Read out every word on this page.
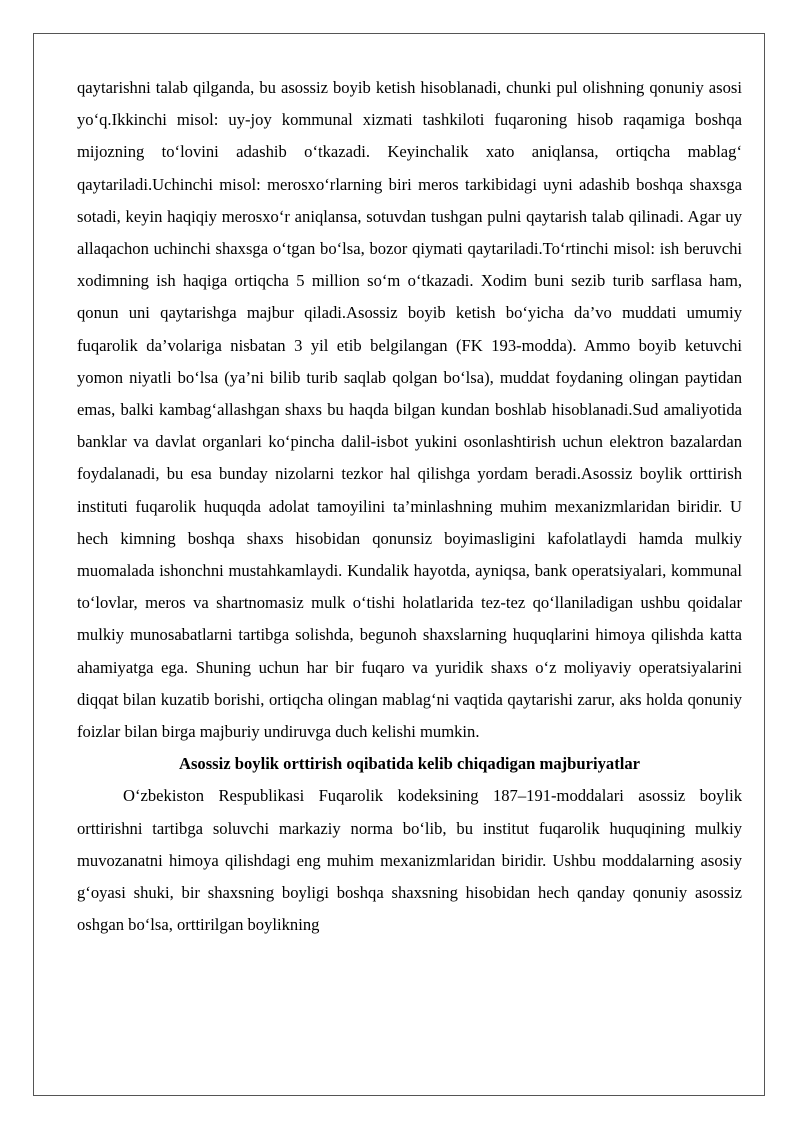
qaytarishni talab qilganda, bu asossiz boyib ketish hisoblanadi, chunki pul olishning qonuniy asosi yo‘q.Ikkinchi misol: uy-joy kommunal xizmati tashkiloti fuqaroning hisob raqamiga boshqa mijozning to‘lovini adashib o‘tkazadi. Keyinchalik xato aniqlansa, ortiqcha mablag‘ qaytariladi.Uchinchi misol: merosxo‘rlarning biri meros tarkibidagi uyni adashib boshqa shaxsga sotadi, keyin haqiqiy merosxo‘r aniqlansa, sotuvdan tushgan pulni qaytarish talab qilinadi. Agar uy allaqachon uchinchi shaxsga o‘tgan bo‘lsa, bozor qiymati qaytariladi.To‘rtinchi misol: ish beruvchi xodimning ish haqiga ortiqcha 5 million so‘m o‘tkazadi. Xodim buni sezib turib sarflasa ham, qonun uni qaytarishga majbur qiladi.Asossiz boyib ketish bo‘yicha da’vo muddati umumiy fuqarolik da’volariga nisbatan 3 yil etib belgilangan (FK 193-modda). Ammo boyib ketuvchi yomon niyatli bo‘lsa (ya’ni bilib turib saqlab qolgan bo‘lsa), muddat foydaning olingan paytidan emas, balki kambag‘allashgan shaxs bu haqda bilgan kundan boshlab hisoblanadi.Sud amaliyotida banklar va davlat organlari ko‘pincha dalil-isbot yukini osonlashtirish uchun elektron bazalardan foydalanadi, bu esa bunday nizolarni tezkor hal qilishga yordam beradi.Asossiz boylik orttirish instituti fuqarolik huquqda adolat tamoyilini ta’minlashning muhim mexanizmlaridan biridir. U hech kimning boshqa shaxs hisobidan qonunsiz boyimasligini kafolatlaydi hamda mulkiy muomalada ishonchni mustahkamlaydi. Kundalik hayotda, ayniqsa, bank operatsiyalari, kommunal to‘lovlar, meros va shartnomasiz mulk o‘tishi holatlarida tez-tez qo‘llaniladigan ushbu qoidalar mulkiy munosabatlarni tartibga solishda, begunoh shaxslarning huquqlarini himoya qilishda katta ahamiyatga ega. Shuning uchun har bir fuqaro va yuridik shaxs o‘z moliyaviy operatsiyalarini diqqat bilan kuzatib borishi, ortiqcha olingan mablag‘ni vaqtida qaytarishi zarur, aks holda qonuniy foizlar bilan birga majburiy undiruvga duch kelishi mumkin.

Asossiz boylik orttirish oqibatida kelib chiqadigan majburiyatlar

O‘zbekiston Respublikasi Fuqarolik kodeksining 187–191-moddalari asossiz boylik orttirishni tartibga soluvchi markaziy norma bo‘lib, bu institut fuqarolik huquqining mulkiy muvozanatni himoya qilishdagi eng muhim mexanizmlaridan biridir. Ushbu moddalarning asosiy g‘oyasi shuki, bir shaxsning boyligi boshqa shaxsning hisobidan hech qanday qonuniy asossiz oshgan bo‘lsa, orttirilgan boylikning
